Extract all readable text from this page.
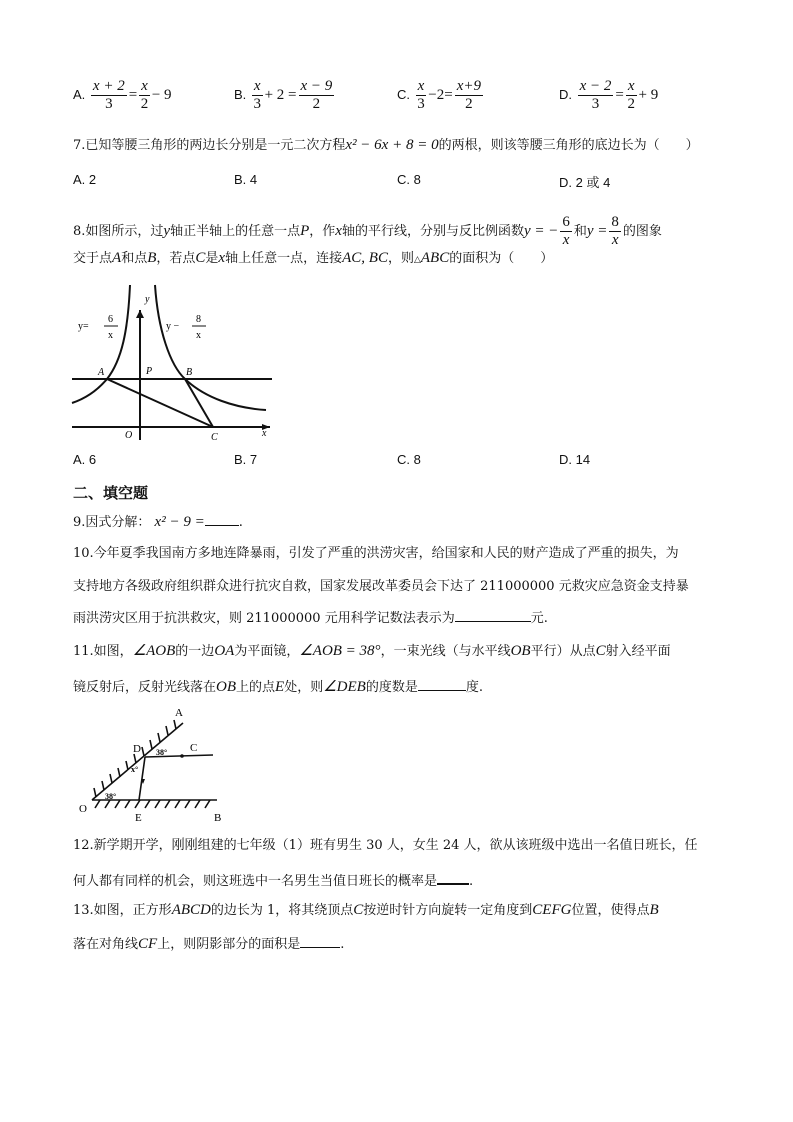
A. $\frac{x + 2}{3} = \frac{x}{2} - 9$	B. $\frac{x}{3} + 2 = \frac{x - 9}{2}$	C. $\frac{x}{3} -2= \frac{x+9}{2}$	D. $\frac{x - 2}{3} = \frac{x}{2} + 9$
7.已知等腰三角形的两边长分别是一元二次方程x² − 6x + 8 = 0的两根，则该等腰三角形的底边长为（　　）
A. 2	B. 4	C. 8	D. 2 或 4
8.如图所示，过y轴正半轴上的任意一点P，作x轴的平行线，分别与反比例函数y = − $\frac{6}{x}$ 和$y = \frac{8}{x}$ 的图象
交于点A和点B，若点C是x轴上任意一点，连接AC, BC，则△ABC的面积为（　　）
y
x
A	B
P
O	C
y=
6
x
y −
8
x
A. 6	B. 7	C. 8	D. 14
二、填空题
9.因式分解： x² − 9 =	.
10.今年夏季我国南方多地连降暴雨，引发了严重的洪涝灾害，给国家和人民的财产造成了严重的损失，为
支持地方各级政府组织群众进行抗灾自救，国家发展改革委员会下达了 211000000 元救灾应急资金支持暴
雨洪涝灾区用于抗洪救灾，则 211000000 元用科学记数法表示为	元.
11.如图，∠AOB的一边OA为平面镜，∠AOB = 38°，一束光线（与水平线OB平行）从点C射入经平面
镜反射后，反射光线落在OB上的点E处，则∠DEB的度数是	度.
A
D	C
O
E	B
38°
38°
x°
12.新学期开学，刚刚组建的七年级（1）班有男生 30 人，女生 24 人，欲从该班级中选出一名值日班长，任
何人都有同样的机会，则这班选中一名男生当值日班长的概率是 .
13.如图，正方形ABCD的边长为 1，将其绕顶点C按逆时针方向旋转一定角度到CEFG位置，使得点B
落在对角线CF上，则阴影部分的面积是	.
